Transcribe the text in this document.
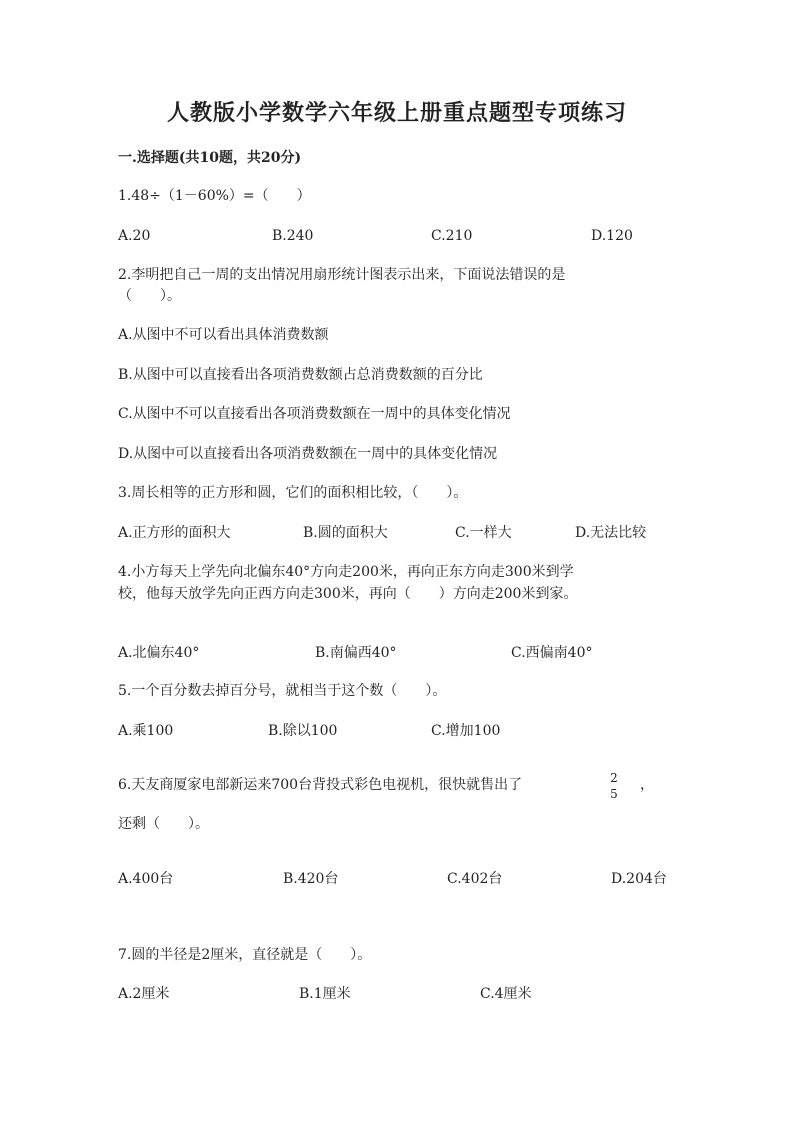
人教版小学数学六年级上册重点题型专项练习
一.选择题(共10题，共20分)
1.48÷（1－60%）=（　　）
A.20	B.240	C.210	D.120
2.李明把自己一周的支出情况用扇形统计图表示出来，下面说法错误的是
（　　）。
A.从图中不可以看出具体消费数额
B.从图中可以直接看出各项消费数额占总消费数额的百分比
C.从图中不可以直接看出各项消费数额在一周中的具体变化情况
D.从图中可以直接看出各项消费数额在一周中的具体变化情况
3.周长相等的正方形和圆，它们的面积相比较，（　　）。
A.正方形的面积大	B.圆的面积大	C.一样大	D.无法比较
4.小方每天上学先向北偏东40°方向走200米，再向正东方向走300米到学
校，他每天放学先向正西方向走300米，再向（　　）方向走200米到家。
A.北偏东40°	B.南偏西40°	C.西偏南40°
5.一个百分数去掉百分号，就相当于这个数（　　）。
A.乘100	B.除以100	C.增加100
6.天友商厦家电部新运来700台背投式彩色电视机，很快就售出了	2
5
，
还剩（　　）。
A.400台	B.420台	C.402台	D.204台
7.圆的半径是2厘米，直径就是（　　）。
A.2厘米	B.1厘米	C.4厘米
